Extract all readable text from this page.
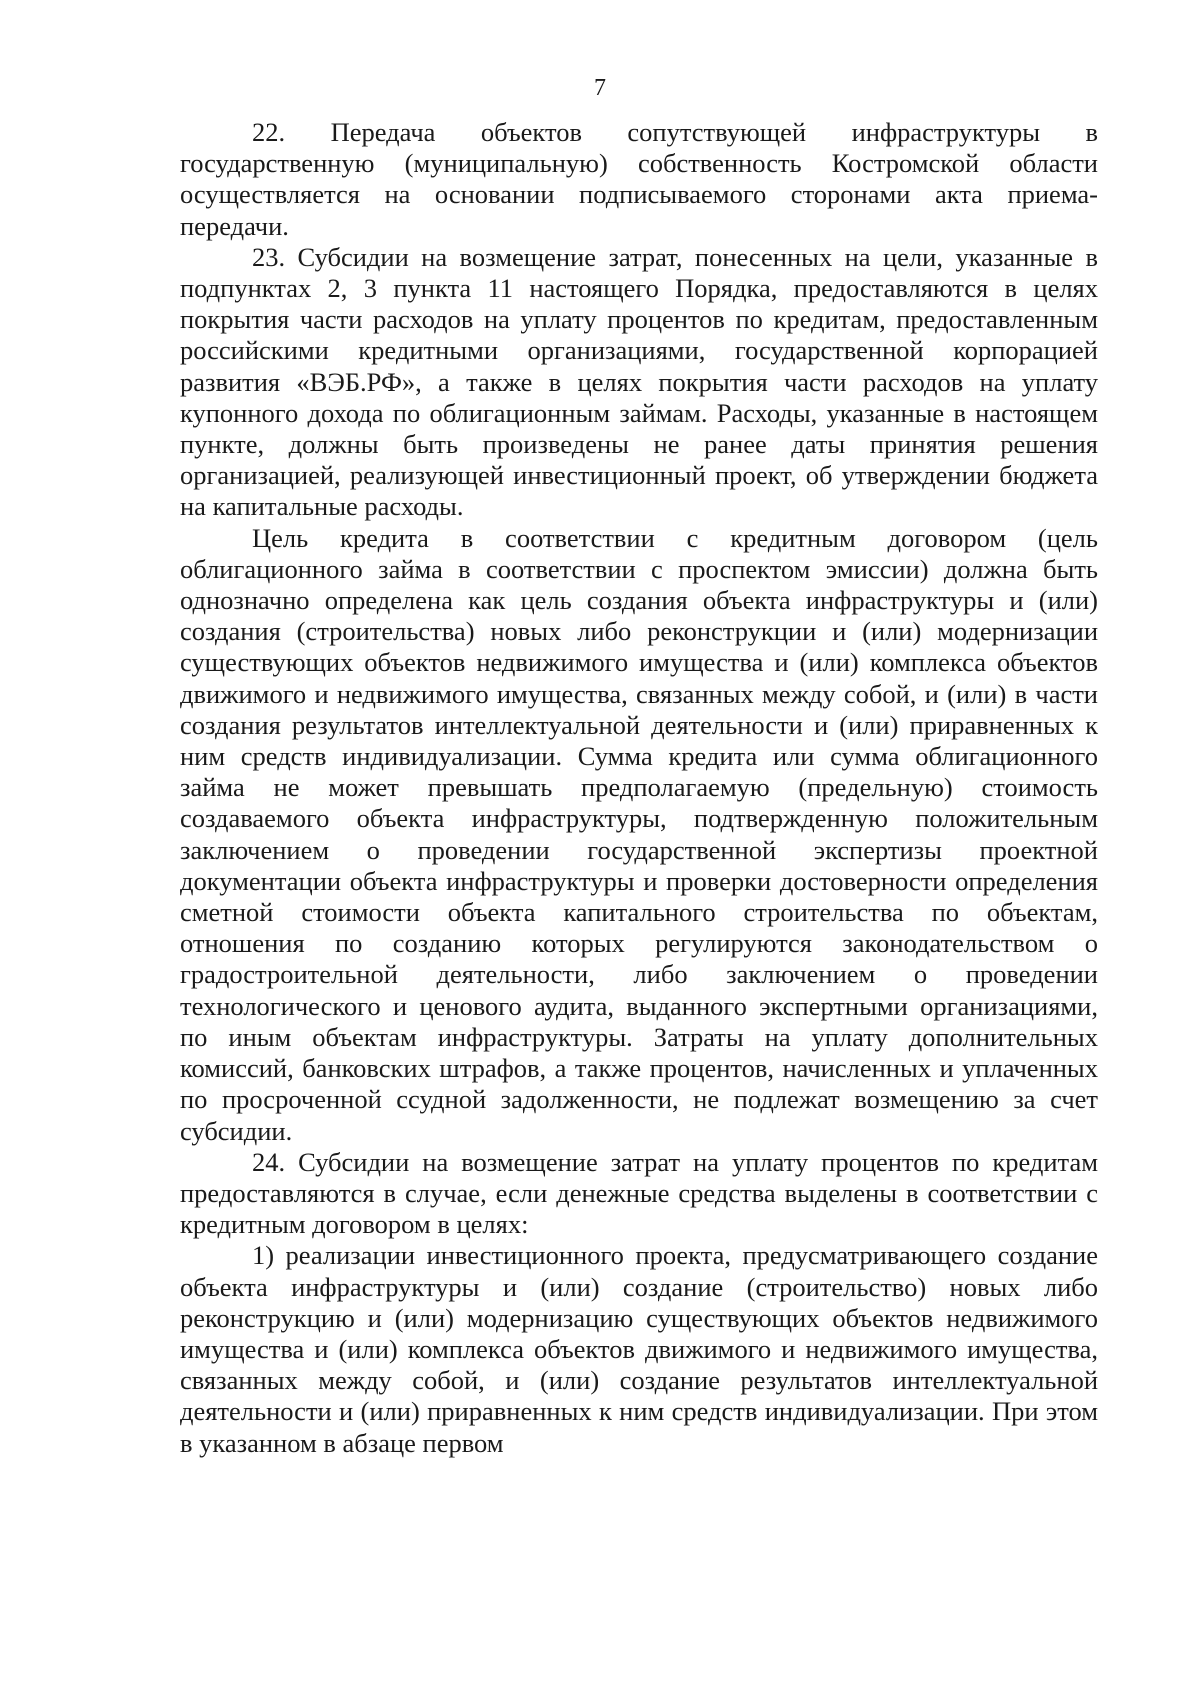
7

22. Передача объектов сопутствующей инфраструктуры в государственную (муниципальную) собственность Костромской области осуществляется на основании подписываемого сторонами акта приема-передачи.

23. Субсидии на возмещение затрат, понесенных на цели, указанные в подпунктах 2, 3 пункта 11 настоящего Порядка, предоставляются в целях покрытия части расходов на уплату процентов по кредитам, предоставленным российскими кредитными организациями, государственной корпорацией развития «ВЭБ.РФ», а также в целях покрытия части расходов на уплату купонного дохода по облигационным займам. Расходы, указанные в настоящем пункте, должны быть произведены не ранее даты принятия решения организацией, реализующей инвестиционный проект, об утверждении бюджета на капитальные расходы.

Цель кредита в соответствии с кредитным договором (цель облигационного займа в соответствии с проспектом эмиссии) должна быть однозначно определена как цель создания объекта инфраструктуры и (или) создания (строительства) новых либо реконструкции и (или) модернизации существующих объектов недвижимого имущества и (или) комплекса объектов движимого и недвижимого имущества, связанных между собой, и (или) в части создания результатов интеллектуальной деятельности и (или) приравненных к ним средств индивидуализации. Сумма кредита или сумма облигационного займа не может превышать предполагаемую (предельную) стоимость создаваемого объекта инфраструктуры, подтвержденную положительным заключением о проведении государственной экспертизы проектной документации объекта инфраструктуры и проверки достоверности определения сметной стоимости объекта капитального строительства по объектам, отношения по созданию которых регулируются законодательством о градостроительной деятельности, либо заключением о проведении технологического и ценового аудита, выданного экспертными организациями, по иным объектам инфраструктуры. Затраты на уплату дополнительных комиссий, банковских штрафов, а также процентов, начисленных и уплаченных по просроченной ссудной задолженности, не подлежат возмещению за счет субсидии.

24. Субсидии на возмещение затрат на уплату процентов по кредитам предоставляются в случае, если денежные средства выделены в соответствии с кредитным договором в целях:

1) реализации инвестиционного проекта, предусматривающего создание объекта инфраструктуры и (или) создание (строительство) новых либо реконструкцию и (или) модернизацию существующих объектов недвижимого имущества и (или) комплекса объектов движимого и недвижимого имущества, связанных между собой, и (или) создание результатов интеллектуальной деятельности и (или) приравненных к ним средств индивидуализации. При этом в указанном в абзаце первом
